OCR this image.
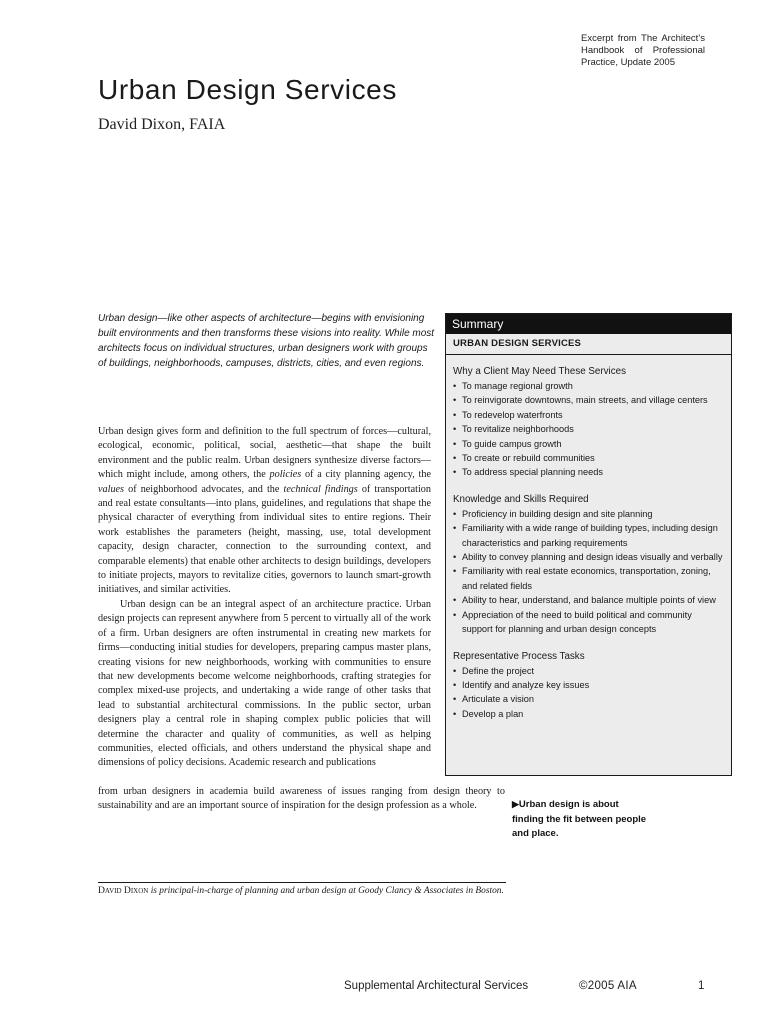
Excerpt from The Architect’s Handbook of Professional Practice, Update 2005
Urban Design Services
David Dixon, FAIA
Urban design—like other aspects of architecture—begins with envisioning built environments and then transforms these visions into reality. While most architects focus on individual structures, urban designers work with groups of buildings, neighborhoods, campuses, districts, cities, and even regions.

Urban design gives form and definition to the full spectrum of forces—cultural, ecological, economic, political, social, aesthetic—that shape the built environment and the public realm. Urban designers synthesize diverse factors—which might include, among others, the policies of a city planning agency, the values of neighborhood advocates, and the technical findings of transportation and real estate consultants—into plans, guidelines, and regulations that shape the physical character of everything from individual sites to entire regions. Their work establishes the parameters (height, massing, use, total development capacity, design character, connection to the surrounding context, and comparable elements) that enable other architects to design buildings, developers to initiate projects, mayors to revitalize cities, governors to launch smart-growth initiatives, and similar activities.

Urban design can be an integral aspect of an architecture practice. Urban design projects can represent anywhere from 5 percent to virtually all of the work of a firm. Urban designers are often instrumental in creating new markets for firms—conducting initial studies for developers, preparing campus master plans, creating visions for new neighborhoods, working with communities to ensure that new developments become welcome neighborhoods, crafting strategies for complex mixed-use projects, and undertaking a wide range of other tasks that lead to substantial architectural commissions. In the public sector, urban designers play a central role in shaping complex public policies that will determine the character and quality of communities, as well as helping communities, elected officials, and others understand the physical shape and dimensions of policy decisions. Academic research and publications

from urban designers in academia build awareness of issues ranging from design theory to sustainability and are an important source of inspiration for the design profession as a whole.

Summary
URBAN DESIGN SERVICES
Why a Client May Need These Services
• To manage regional growth
• To reinvigorate downtowns, main streets, and village centers
• To redevelop waterfronts
• To revitalize neighborhoods
• To guide campus growth
• To create or rebuild communities
• To address special planning needs
Knowledge and Skills Required
• Proficiency in building design and site planning
• Familiarity with a wide range of building types, including design characteristics and parking requirements
• Ability to convey planning and design ideas visually and verbally
• Familiarity with real estate economics, transportation, zoning, and related fields
• Ability to hear, understand, and balance multiple points of view
• Appreciation of the need to build political and community support for planning and urban design concepts
Representative Process Tasks
• Define the project
• Identify and analyze key issues
• Articulate a vision
• Develop a plan
▶Urban design is about finding the fit between people and place.
David Dixon is principal-in-charge of planning and urban design at Goody Clancy & Associates in Boston.
Supplemental Architectural Services	©2005 AIA	1
